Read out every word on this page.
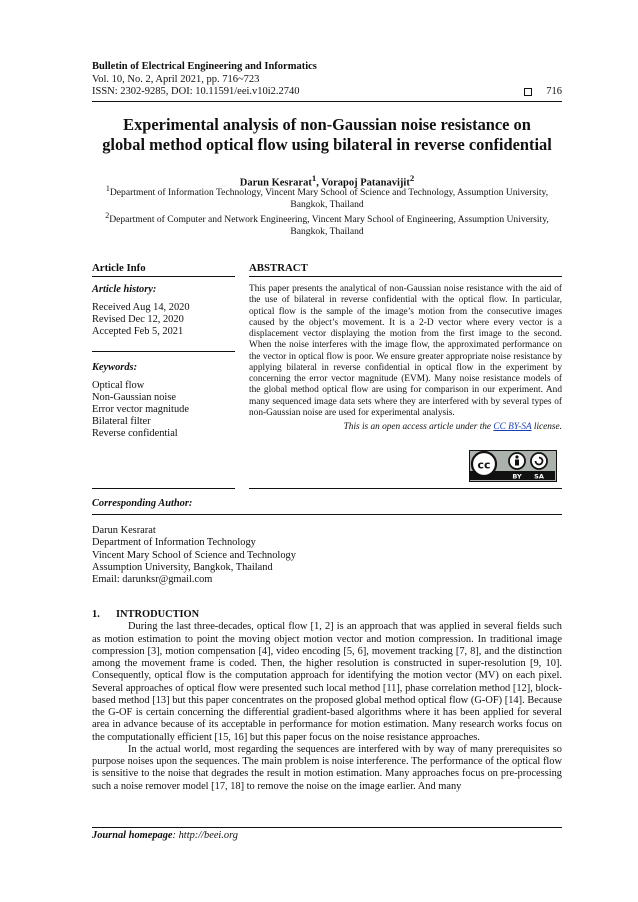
Bulletin of Electrical Engineering and Informatics
Vol. 10, No. 2, April 2021, pp. 716~723
ISSN: 2302-9285, DOI: 10.11591/eei.v10i2.2740	716
Experimental analysis of non-Gaussian noise resistance on
global method optical flow using bilateral in reverse confidential
Darun Kesrarat$^1$, Vorapoj Patanavijit$^2$

$^1$Department of Information Technology, Vincent Mary School of Science and Technology, Assumption University,
Bangkok, Thailand

$^2$Department of Computer and Network Engineering, Vincent Mary School of Engineering, Assumption University,
Bangkok, Thailand

Article Info
Article history:
Received Aug 14, 2020
Revised Dec 12, 2020
Accepted Feb 5, 2021
Keywords:
Optical flow
Non-Gaussian noise
Error vector magnitude
Bilateral filter
Reverse confidential
ABSTRACT
This paper presents the analytical of non-Gaussian noise resistance with the aid of the use of bilateral in reverse confidential with the optical flow. In particular, optical flow is the sample of the image’s motion from the consecutive images caused by the object’s movement. It is a 2-D vector where every vector is a displacement vector displaying the motion from the first image to the second. When the noise interferes with the image flow, the approximated performance on the vector in optical flow is poor. We ensure greater appropriate noise resistance by applying bilateral in reverse confidential in optical flow in the experiment by concerning the error vector magnitude (EVM). Many noise resistance models of the global method optical flow are using for comparison in our experiment. And many sequenced image data sets where they are interfered with by several types of non-Gaussian noise are used for experimental analysis.
This is an open access article under the CC BY-SA license.
cc
BY SA
Corresponding Author:
Darun Kesrarat
Department of Information Technology
Vincent Mary School of Science and Technology
Assumption University, Bangkok, Thailand
Email: darunksr@gmail.com
1. INTRODUCTION

During the last three-decades, optical flow [1, 2] is an approach that was applied in several fields such as motion estimation to point the moving object motion vector and motion compression. In traditional image compression [3], motion compensation [4], video encoding [5, 6], movement tracking [7, 8], and the distinction among the movement frame is coded. Then, the higher resolution is constructed in super-resolution [9, 10]. Consequently, optical flow is the computation approach for identifying the motion vector (MV) on each pixel. Several approaches of optical flow were presented such local method [11], phase correlation method [12], block-based method [13] but this paper concentrates on the proposed global method optical flow (G-OF) [14]. Because the G-OF is certain concerning the differential gradient-based algorithms where it has been applied for several area in advance because of its acceptable in performance for motion estimation. Many research works focus on the computationally efficient [15, 16] but this paper focus on the noise resistance approaches.

In the actual world, most regarding the sequences are interfered with by way of many prerequisites so purpose noises upon the sequences. The main problem is noise interference. The performance of the optical flow is sensitive to the noise that degrades the result in motion estimation. Many approaches focus on pre-processing such a noise remover model [17, 18] to remove the noise on the image earlier. And many

Journal homepage: http://beei.org
